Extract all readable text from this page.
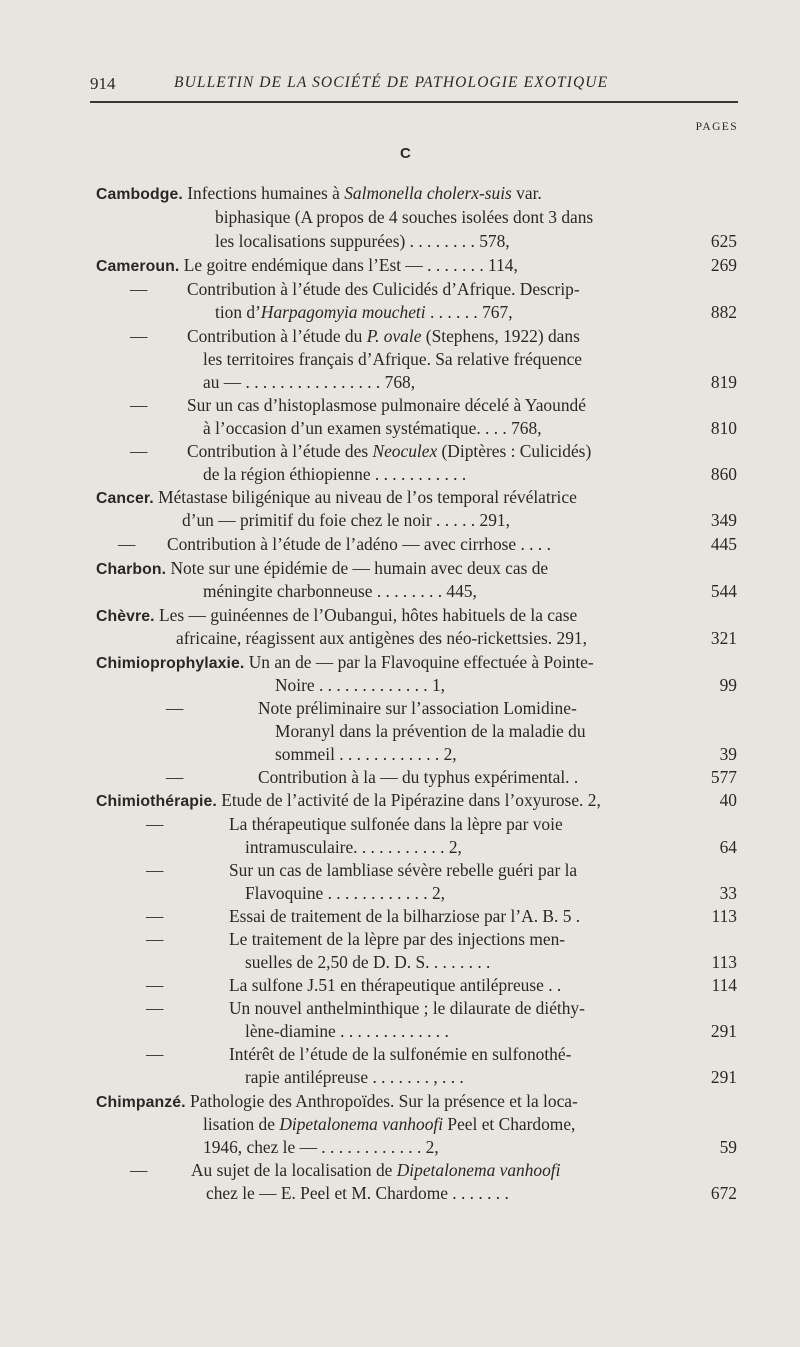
914	BULLETIN DE LA SOCIÉTÉ DE PATHOLOGIE EXOTIQUE
PAGES
C
Cambodge. Infections humaines à Salmonella cholerx-suis var.
biphasique (A propos de 4 souches isolées dont 3 dans
les localisations suppurées) . . . . . . . . 578,	625
Cameroun. Le goitre endémique dans l’Est — . . . . . . . 114,	269
— Contribution à l’étude des Culicidés d’Afrique. Descrip-
tion d’Harpagomyia moucheti . . . . . . 767,	882
— Contribution à l’étude du P. ovale (Stephens, 1922) dans
les territoires français d’Afrique. Sa relative fréquence
au — . . . . . . . . . . . . . . . . 768,	819
— Sur un cas d’histoplasmose pulmonaire décelé à Yaoundé
à l’occasion d’un examen systématique. . . . 768,	810
— Contribution à l’étude des Neoculex (Diptères : Culicidés)
de la région éthiopienne . . . . . . . . . . .	860
Cancer. Métastase biligénique au niveau de l’os temporal révélatrice
d’un — primitif du foie chez le noir . . . . . 291,	349
— Contribution à l’étude de l’adéno — avec cirrhose . . . .	445
Charbon. Note sur une épidémie de — humain avec deux cas de
méningite charbonneuse . . . . . . . . 445,	544
Chèvre. Les — guinéennes de l’Oubangui, hôtes habituels de la case
africaine, réagissent aux antigènes des néo-rickettsies. 291,	321
Chimioprophylaxie. Un an de — par la Flavoquine effectuée à Pointe-
Noire . . . . . . . . . . . . . 1,	99
—	Note préliminaire sur l’association Lomidine-
Moranyl dans la prévention de la maladie du
sommeil . . . . . . . . . . . . 2,	39
—	Contribution à la — du typhus expérimental. .	577
Chimiothérapie. Etude de l’activité de la Pipérazine dans l’oxyurose. 2,	40
—	La thérapeutique sulfonée dans la lèpre par voie
intramusculaire. . . . . . . . . . . 2,	64
—	Sur un cas de lambliase sévère rebelle guéri par la
Flavoquine . . . . . . . . . . . . 2,	33
—	Essai de traitement de la bilharziose par l’A. B. 5 .	113
—	Le traitement de la lèpre par des injections men-
suelles de 2,50 de D. D. S. . . . . . . .	113
—	La sulfone J.51 en thérapeutique antilépreuse . .	114
—	Un nouvel anthelminthique ; le dilaurate de diéthy-
lène-diamine . . . . . . . . . . . . .	291
—	Intérêt de l’étude de la sulfonémie en sulfonothé-
rapie antilépreuse . . . . . . . , . . .	291
Chimpanzé. Pathologie des Anthropoïdes. Sur la présence et la loca-
lisation de Dipetalonema vanhoofi Peel et Chardome,
1946, chez le — . . . . . . . . . . . . 2,	59
—	Au sujet de la localisation de Dipetalonema vanhoofi
chez le — E. Peel et M. Chardome . . . . . . .	672
